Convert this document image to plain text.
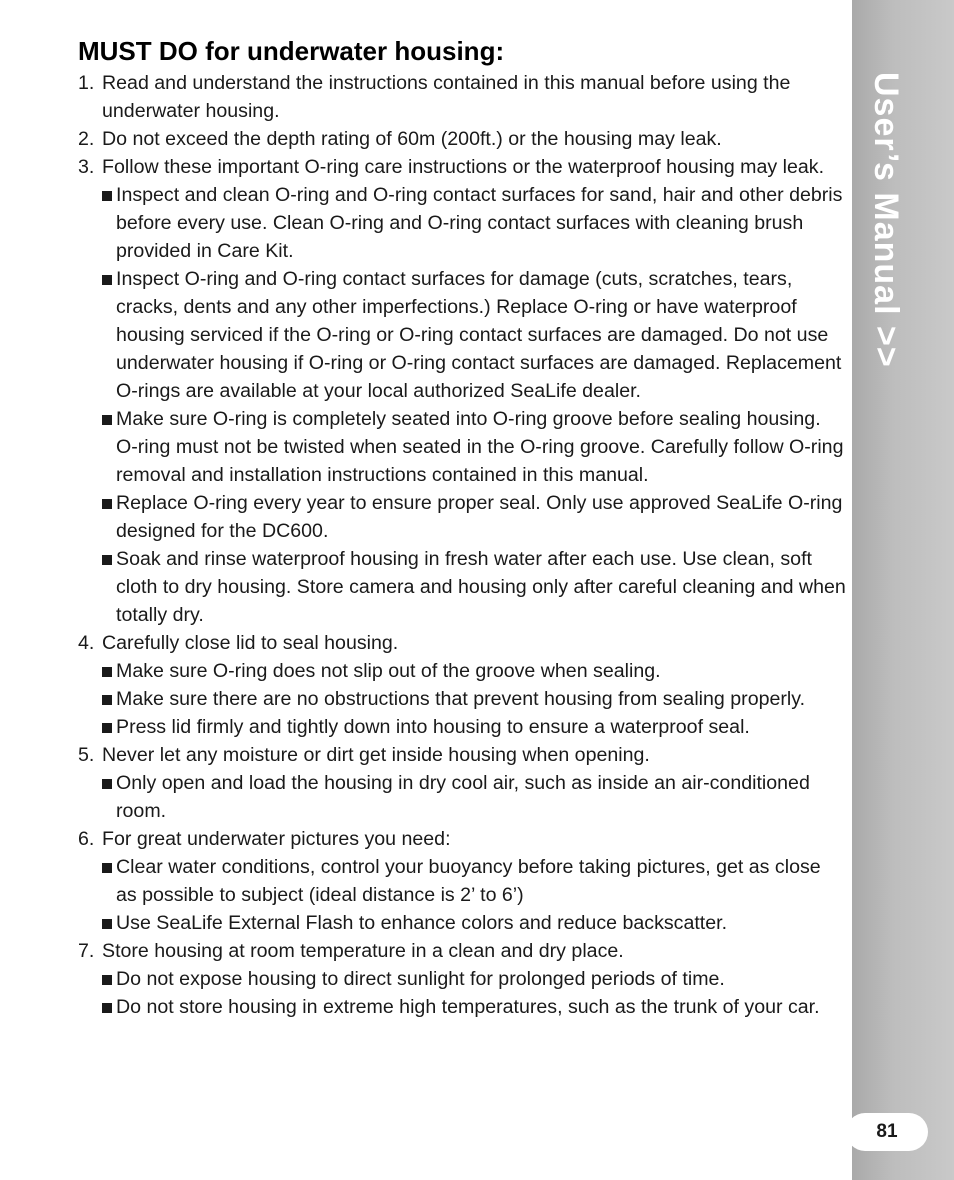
User’s Manual >>
81
MUST DO for underwater housing:
1. Read and understand the instructions contained in this manual before using the underwater housing.
2. Do not exceed the depth rating of 60m (200ft.) or the housing may leak.
3. Follow these important O-ring care instructions or the waterproof housing may leak.
Inspect and clean O-ring and O-ring contact surfaces for sand, hair and other debris before every use. Clean O-ring and O-ring contact surfaces with cleaning brush provided in Care Kit.
Inspect O-ring and O-ring contact surfaces for damage (cuts, scratches, tears, cracks, dents and any other imperfections.) Replace O-ring or have waterproof housing serviced if the O-ring or O-ring contact surfaces are damaged. Do not use underwater housing if O-ring or O-ring contact surfaces are damaged. Replacement O-rings are available at your local authorized SeaLife dealer.
Make sure O-ring is completely seated into O-ring groove before sealing housing. O-ring must not be twisted when seated in the O-ring groove. Carefully follow O-ring removal and installation instructions contained in this manual.
Replace O-ring every year to ensure proper seal. Only use approved SeaLife O-ring designed for the DC600.
Soak and rinse waterproof housing in fresh water after each use. Use clean, soft cloth to dry housing. Store camera and housing only after careful cleaning and when totally dry.
4. Carefully close lid to seal housing.
Make sure O-ring does not slip out of the groove when sealing.
Make sure there are no obstructions that prevent housing from sealing properly.
Press lid firmly and tightly down into housing to ensure a waterproof seal.
5. Never let any moisture or dirt get inside housing when opening.
Only open and load the housing in dry cool air, such as inside an air-conditioned room.
6. For great underwater pictures you need:
Clear water conditions, control your buoyancy before taking pictures, get as close as possible to subject (ideal distance is 2’ to 6’)
Use SeaLife External Flash to enhance colors and reduce backscatter.
7. Store housing at room temperature in a clean and dry place.
Do not expose housing to direct sunlight for prolonged periods of time.
Do not store housing in extreme high temperatures, such as the trunk of your car.
